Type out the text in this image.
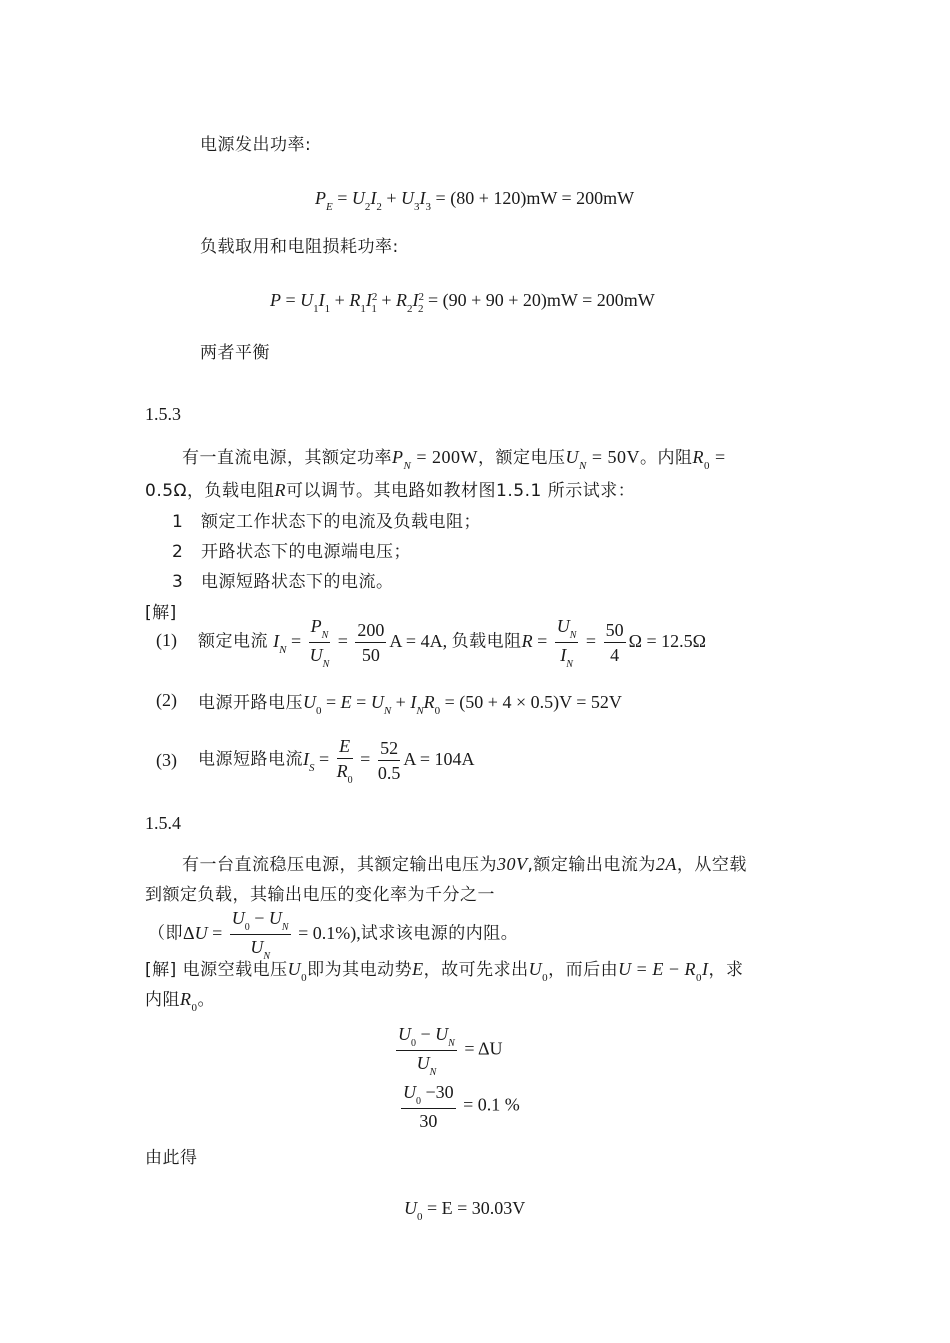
电源发出功率:
$P_E = U_2I_2 + U_3I_3 = (80 + 120)mW = 200mW$
负载取用和电阻损耗功率:
$P = U_1I_1 + R_1I^2_1 + R_2I^2_2 = (90 + 90 + 20)mW = 200mW$
两者平衡
1.5.3
有一直流电源，其额定功率$P_N = 200W$，额定电压$U_N = 50V$。内阻$R_0$ =
0.5Ω，负载电阻R可以调节。其电路如教材图1.5.1 所示试求：
1 额定工作状态下的电流及负载电阻；
2 开路状态下的电源端电压；
3 电源短路状态下的电流。
[解]
(1) 额定电流 $I_N = \frac{P_N}{U_N} = \frac{200}{50}$ A = 4A, 负载电阻$R = \frac{U_N}{I_N} = \frac{50}{4}$ Ω = 12.5Ω
(2) 电源开路电压$U_0 = E = U_N + I_NR_0 = (50 + 4 \times 0.5)V = 52V$
(3) 电源短路电流$I_S = \frac{E}{R_0} = \frac{52}{0.5}$ A = 104A
1.5.4
有一台直流稳压电源，其额定输出电压为30V,额定输出电流为2A，从空载
到额定负载，其输出电压的变化率为千分之一
（即$\Delta U = \frac{U_0 - U_N}{U_N} = 0.1\%$),试求该电源的内阻。
[解] 电源空载电压$U_0$即为其电动势E，故可先求出$U_0$，而后由$U = E - R_0I$，求
内阻$R_0$。
$\frac{U_0 - U_N}{U_N} = \Delta U$
$\frac{U_0 -30}{30} = 0.1$ %
由此得
$U_0 = E = 30.03V$
